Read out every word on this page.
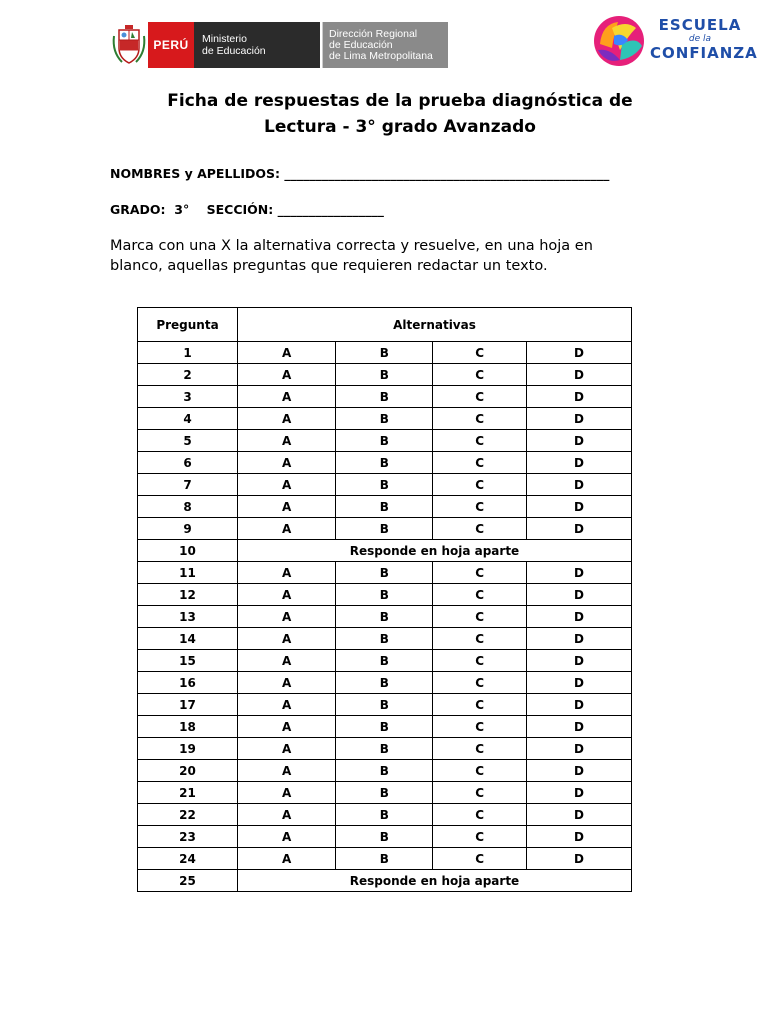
PERÚ	Ministerio
de Educación
Dirección Regional
de Educación
de Lima Metropolitana
ESCUELA
de la
CONFIANZA
Ficha de respuestas de la prueba diagnóstica de
Lectura - 3° grado Avanzado
NOMBRES y APELLIDOS: ____________________________________________________
GRADO:  3°    SECCIÓN: _________________
Marca con una X la alternativa correcta y resuelve, en una hoja en blanco, aquellas preguntas que requieren redactar un texto.
Pregunta	Alternativas			
1	A	B	C	D
2	A	B	C	D
3	A	B	C	D
4	A	B	C	D
5	A	B	C	D
6	A	B	C	D
7	A	B	C	D
8	A	B	C	D
9	A	B	C	D
10	Responde en hoja aparte			
11	A	B	C	D
12	A	B	C	D
13	A	B	C	D
14	A	B	C	D
15	A	B	C	D
16	A	B	C	D
17	A	B	C	D
18	A	B	C	D
19	A	B	C	D
20	A	B	C	D
21	A	B	C	D
22	A	B	C	D
23	A	B	C	D
24	A	B	C	D
25	Responde en hoja aparte			
